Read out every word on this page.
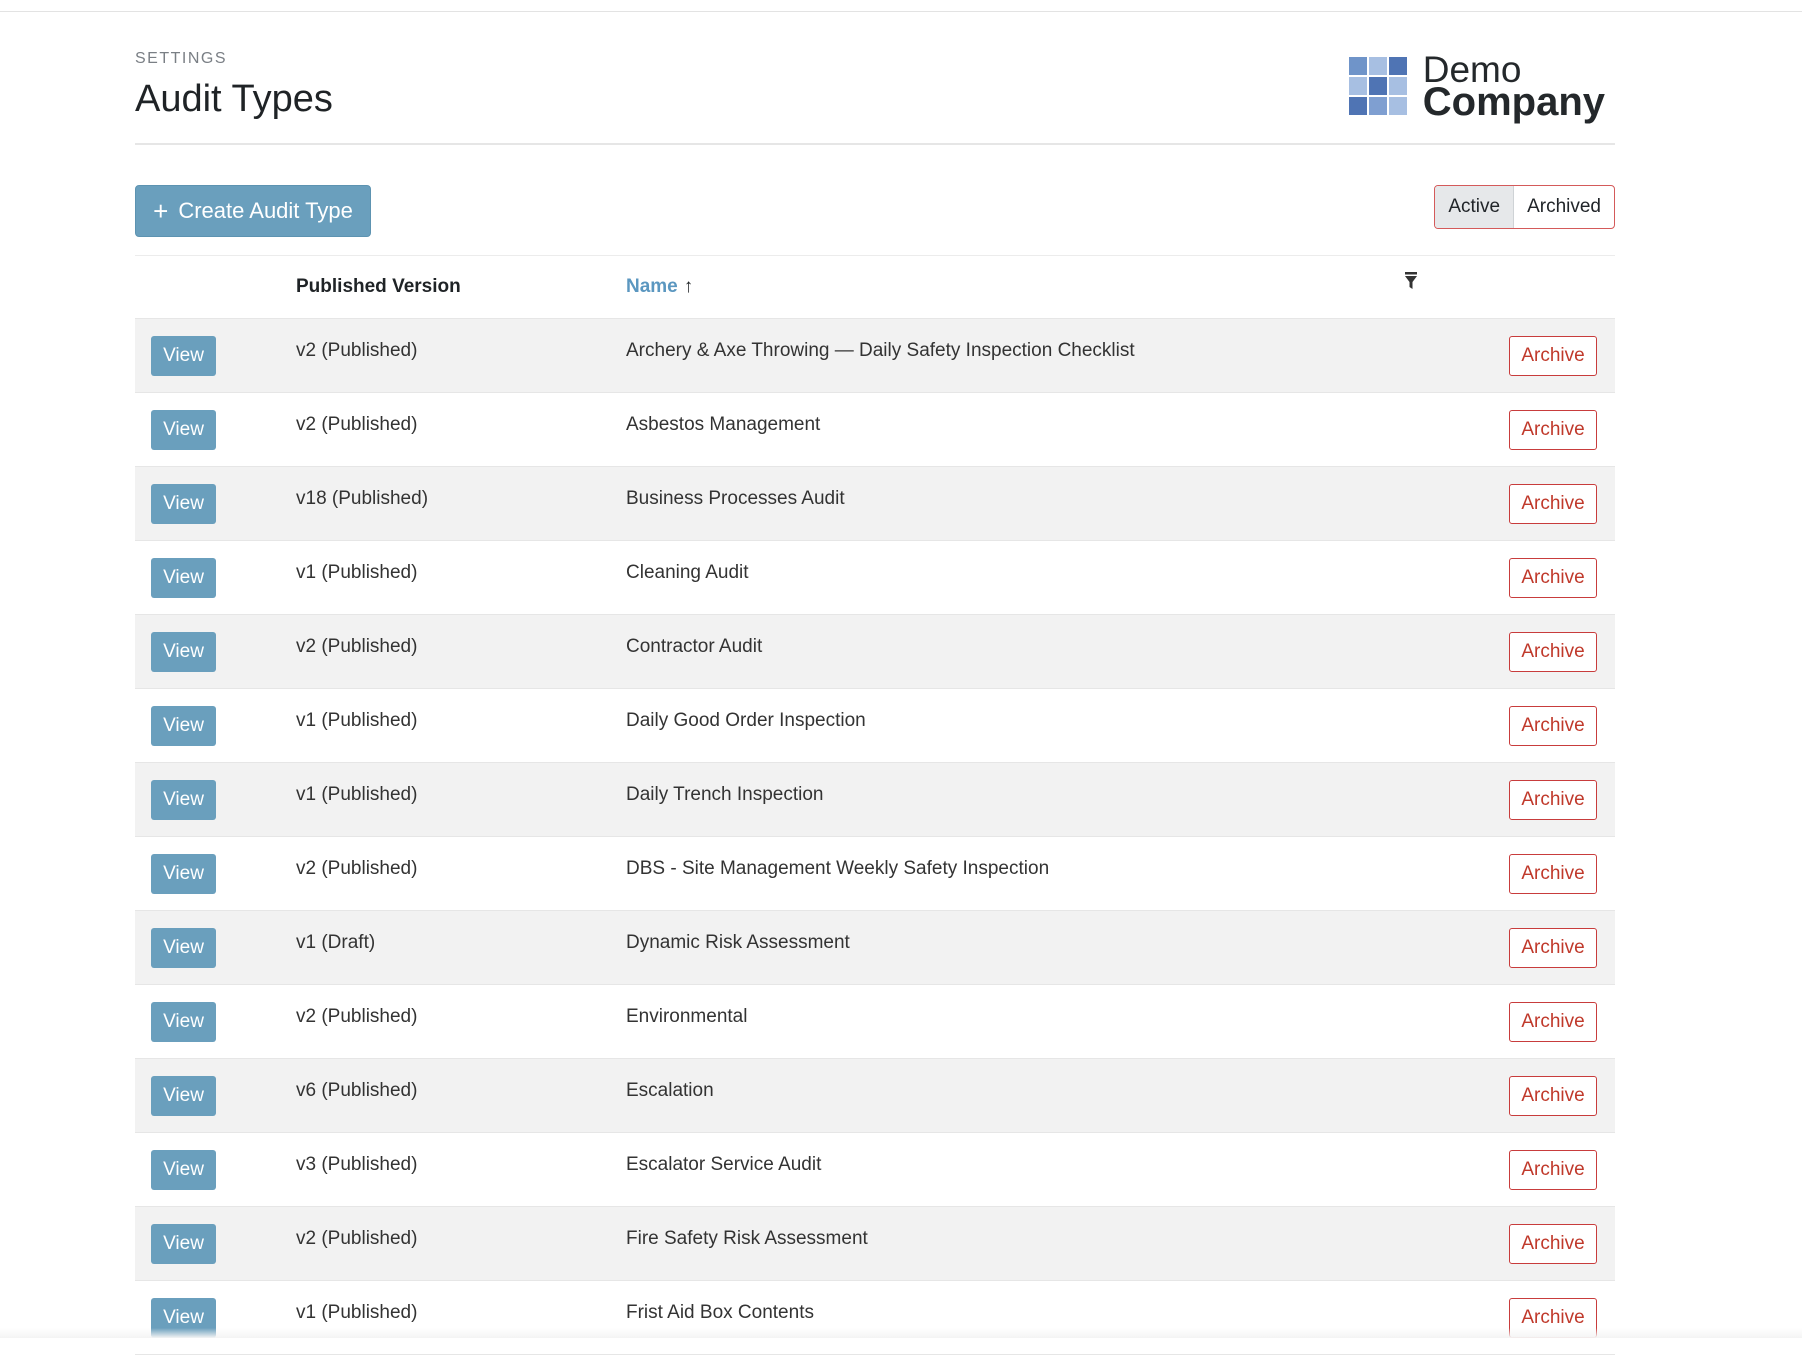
SETTINGS
Audit Types
Demo
Company
+ Create Audit Type	Active	Archived
Published Version	Name ↑
View	v2 (Published)	Archery & Axe Throwing — Daily Safety Inspection Checklist	Archive
View	v2 (Published)	Asbestos Management	Archive
View	v18 (Published)	Business Processes Audit	Archive
View	v1 (Published)	Cleaning Audit	Archive
View	v2 (Published)	Contractor Audit	Archive
View	v1 (Published)	Daily Good Order Inspection	Archive
View	v1 (Published)	Daily Trench Inspection	Archive
View	v2 (Published)	DBS - Site Management Weekly Safety Inspection	Archive
View	v1 (Draft)	Dynamic Risk Assessment	Archive
View	v2 (Published)	Environmental	Archive
View	v6 (Published)	Escalation	Archive
View	v3 (Published)	Escalator Service Audit	Archive
View	v2 (Published)	Fire Safety Risk Assessment	Archive
View	v1 (Published)	Frist Aid Box Contents	Archive
